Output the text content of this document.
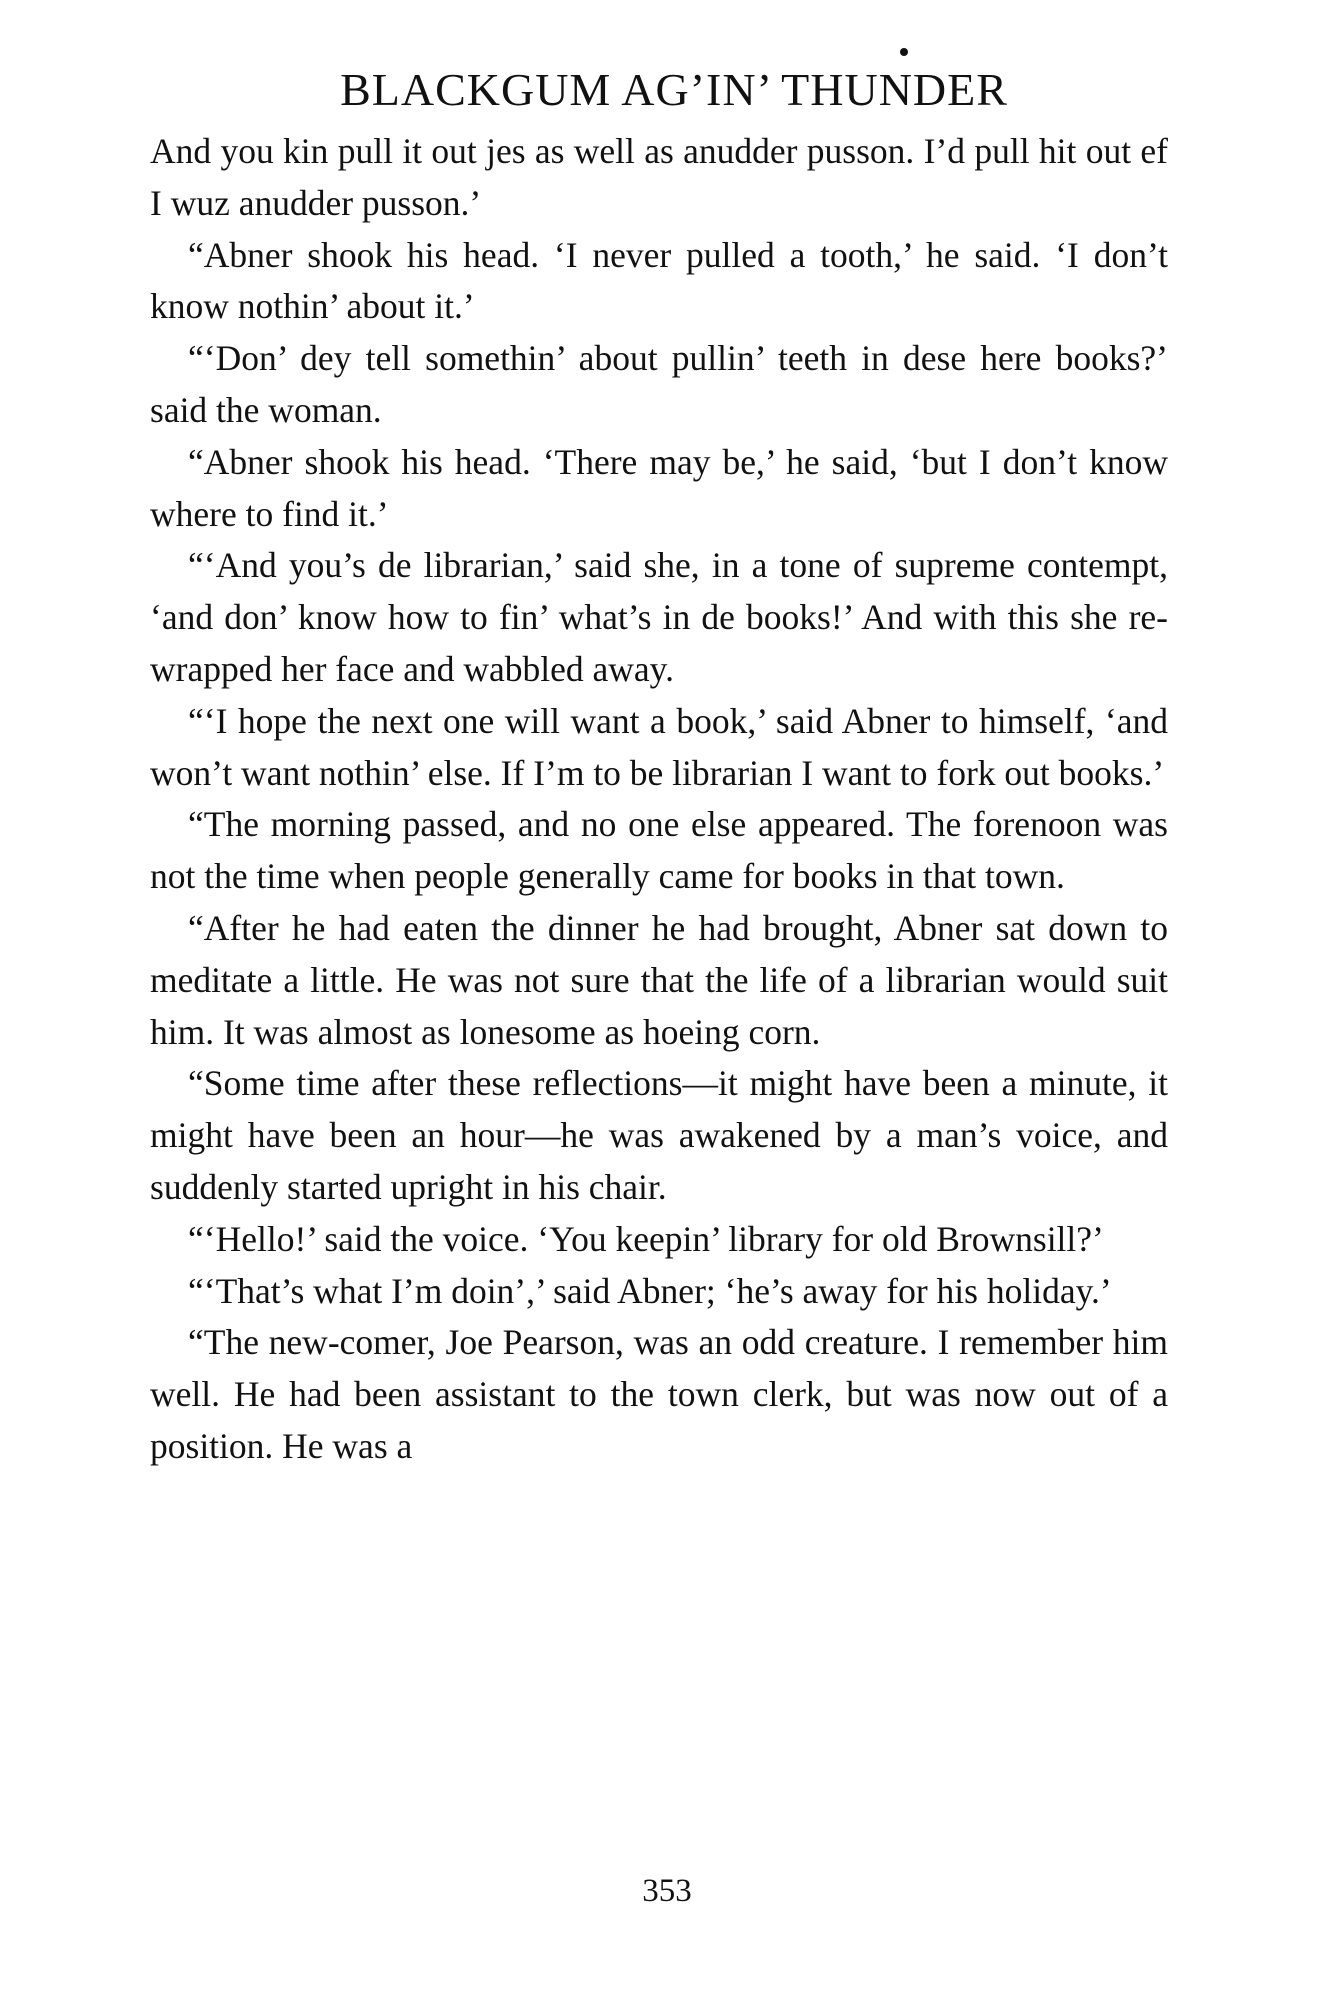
BLACKGUM AG’IN’ THUNDER

And you kin pull it out jes as well as anudder pusson. I’d pull hit out ef I wuz anudder pusson.’

“Abner shook his head. ‘I never pulled a tooth,’ he said. ‘I don’t know nothin’ about it.’

“‘Don’ dey tell somethin’ about pullin’ teeth in dese here books?’ said the woman.

“Abner shook his head. ‘There may be,’ he said, ‘but I don’t know where to find it.’

“‘And you’s de librarian,’ said she, in a tone of supreme contempt, ‘and don’ know how to fin’ what’s in de books!’ And with this she re-wrapped her face and wabbled away.

“‘I hope the next one will want a book,’ said Abner to himself, ‘and won’t want nothin’ else. If I’m to be librarian I want to fork out books.’

“The morning passed, and no one else appeared. The forenoon was not the time when people generally came for books in that town.

“After he had eaten the dinner he had brought, Abner sat down to meditate a little. He was not sure that the life of a librarian would suit him. It was almost as lonesome as hoeing corn.

“Some time after these reflections—it might have been a minute, it might have been an hour—he was awakened by a man’s voice, and suddenly started upright in his chair.

“‘Hello!’ said the voice. ‘You keepin’ library for old Brownsill?’

“‘That’s what I’m doin’,’ said Abner; ‘he’s away for his holiday.’

“The new-comer, Joe Pearson, was an odd creature. I remember him well. He had been assistant to the town clerk, but was now out of a position. He was a

353
